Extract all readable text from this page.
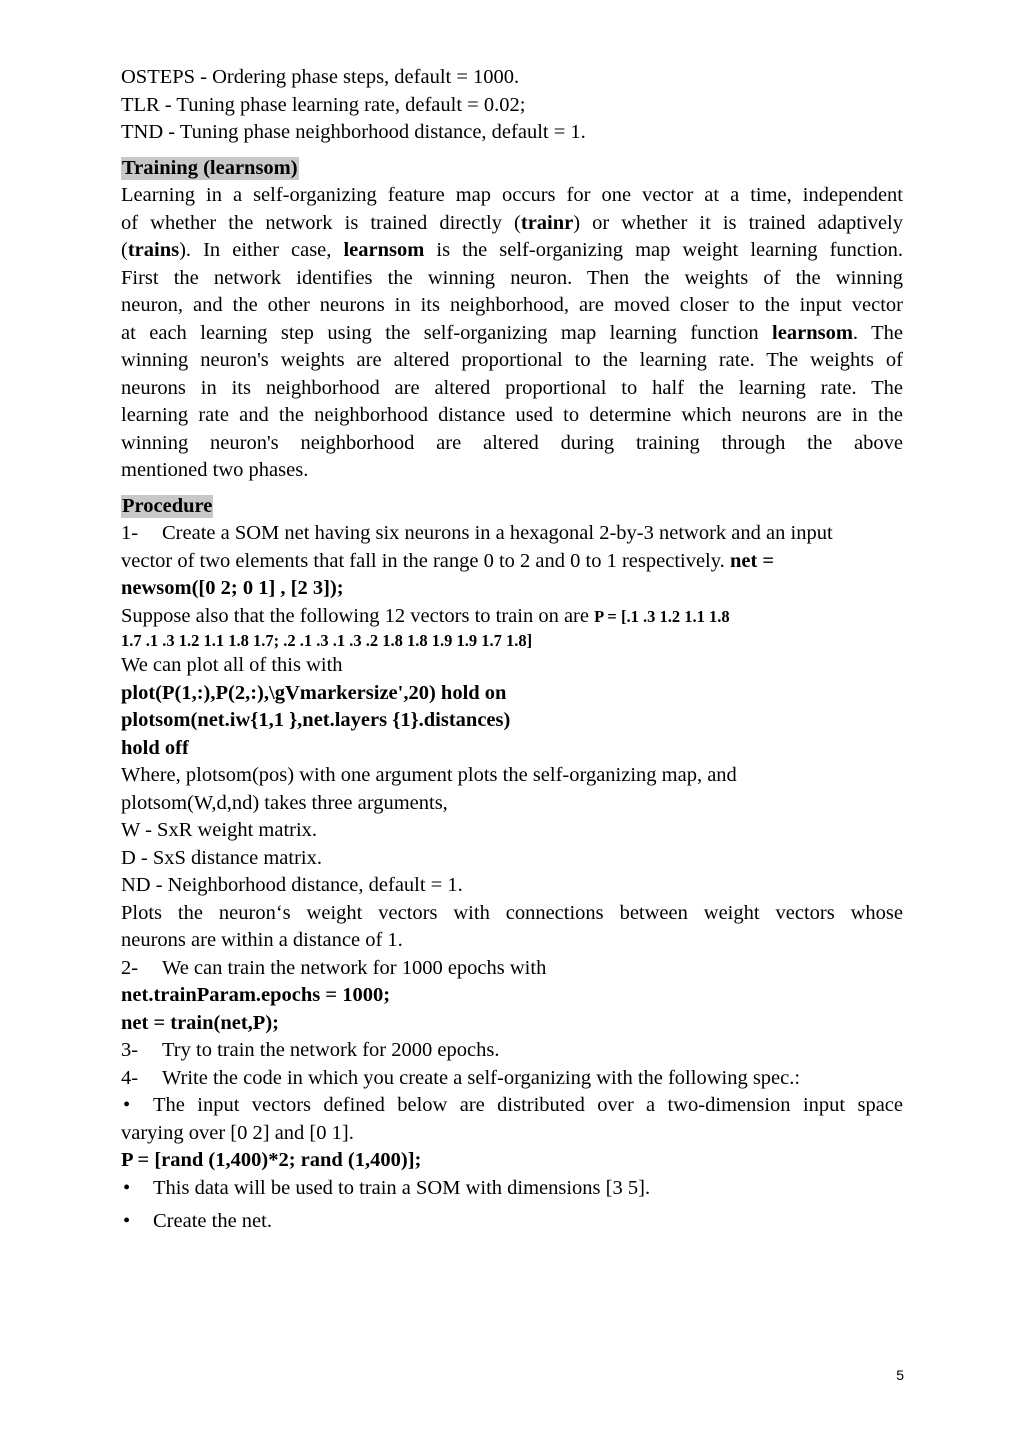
OSTEPS - Ordering phase steps, default = 1000.
TLR - Tuning phase learning rate, default = 0.02;
TND - Tuning phase neighborhood distance, default = 1.
Training (learnsom)
Learning in a self-organizing feature map occurs for one vector at a time, independent
of whether the network is trained directly (trainr) or whether it is trained adaptively
(trains). In either case, learnsom is the self-organizing map weight learning function.
First the network identifies the winning neuron. Then the weights of the winning
neuron, and the other neurons in its neighborhood, are moved closer to the input vector
at each learning step using the self-organizing map learning function learnsom. The
winning neuron's weights are altered proportional to the learning rate. The weights of
neurons in its neighborhood are altered proportional to half the learning rate. The
learning rate and the neighborhood distance used to determine which neurons are in the
winning neuron's neighborhood are altered during training through the above
mentioned two phases.
Procedure
1- Create a SOM net having six neurons in a hexagonal 2-by-3 network and an input
vector of two elements that fall in the range 0 to 2 and 0 to 1 respectively. net =
newsom([0 2; 0 1] , [2 3]);
Suppose also that the following 12 vectors to train on are P = [.1 .3 1.2 1.1 1.8
1.7 .1 .3 1.2 1.1 1.8 1.7; .2 .1 .3 .1 .3 .2 1.8 1.8 1.9 1.9 1.7 1.8]
We can plot all of this with
plot(P(1,:),P(2,:),\gVmarkersize',20) hold on
plotsom(net.iw{1,1 },net.layers {1}.distances)
hold off
Where, plotsom(pos) with one argument plots the self-organizing map, and
plotsom(W,d,nd) takes three arguments,
W - SxR weight matrix.
D - SxS distance matrix.
ND - Neighborhood distance, default = 1.
Plots the neuron‘s weight vectors with connections between weight vectors whose
neurons are within a distance of 1.
2- We can train the network for 1000 epochs with
net.trainParam.epochs = 1000;
net = train(net,P);
3- Try to train the network for 2000 epochs.
4- Write the code in which you create a self-organizing with the following spec.:
• The input vectors defined below are distributed over a two-dimension input space
varying over [0 2] and [0 1].
P = [rand (1,400)*2; rand (1,400)];
• This data will be used to train a SOM with dimensions [3 5].
• Create the net.
5
